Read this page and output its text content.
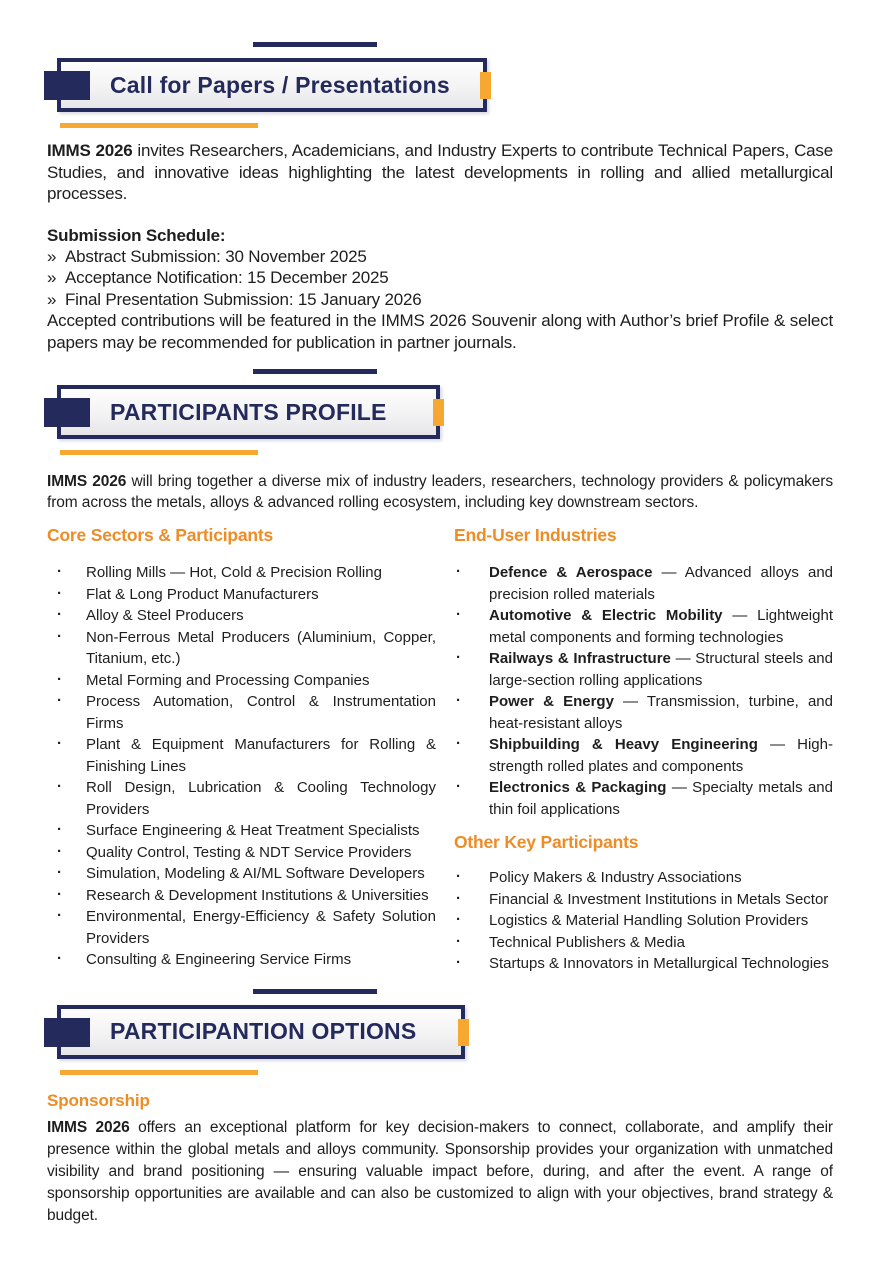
Call for Papers / Presentations

IMMS 2026 invites Researchers, Academicians, and Industry Experts to contribute Technical Papers, Case Studies, and innovative ideas highlighting the latest developments in rolling and allied metallurgical processes.

Submission Schedule:

» Abstract Submission: 30 November 2025
» Acceptance Notification: 15 December 2025
» Final Presentation Submission: 15 January 2026

Accepted contributions will be featured in the IMMS 2026 Souvenir along with Author’s brief Profile & select papers may be recommended for publication in partner journals.

PARTICIPANTS PROFILE

IMMS 2026 will bring together a diverse mix of industry leaders, researchers, technology providers & policymakers from across the metals, alloys & advanced rolling ecosystem, including key downstream sectors.

Core Sectors & Participants

· Rolling Mills — Hot, Cold & Precision Rolling
· Flat & Long Product Manufacturers
· Alloy & Steel Producers
· Non-Ferrous Metal Producers (Aluminium, Copper, Titanium, etc.)
· Metal Forming and Processing Companies
· Process Automation, Control & Instrumentation Firms
· Plant & Equipment Manufacturers for Rolling & Finishing Lines
· Roll Design, Lubrication & Cooling Technology Providers
· Surface Engineering & Heat Treatment Specialists
· Quality Control, Testing & NDT Service Providers
· Simulation, Modeling & AI/ML Software Developers
· Research & Development Institutions & Universities
· Environmental, Energy-Efficiency & Safety Solution Providers
· Consulting & Engineering Service Firms

End-User Industries

· Defence & Aerospace — Advanced alloys and precision rolled materials
· Automotive & Electric Mobility — Lightweight metal components and forming technologies
· Railways & Infrastructure — Structural steels and large-section rolling applications
· Power & Energy — Transmission, turbine, and heat-resistant alloys
· Shipbuilding & Heavy Engineering — High-strength rolled plates and components
· Electronics & Packaging — Specialty metals and thin foil applications

Other Key Participants

· Policy Makers & Industry Associations
· Financial & Investment Institutions in Metals Sector
· Logistics & Material Handling Solution Providers
· Technical Publishers & Media
· Startups & Innovators in Metallurgical Technologies
PARTICIPANTION OPTIONS

Sponsorship

IMMS 2026 offers an exceptional platform for key decision-makers to connect, collaborate, and amplify their presence within the global metals and alloys community. Sponsorship provides your organization with unmatched visibility and brand positioning — ensuring valuable impact before, during, and after the event. A range of sponsorship opportunities are available and can also be customized to align with your objectives, brand strategy & budget.
